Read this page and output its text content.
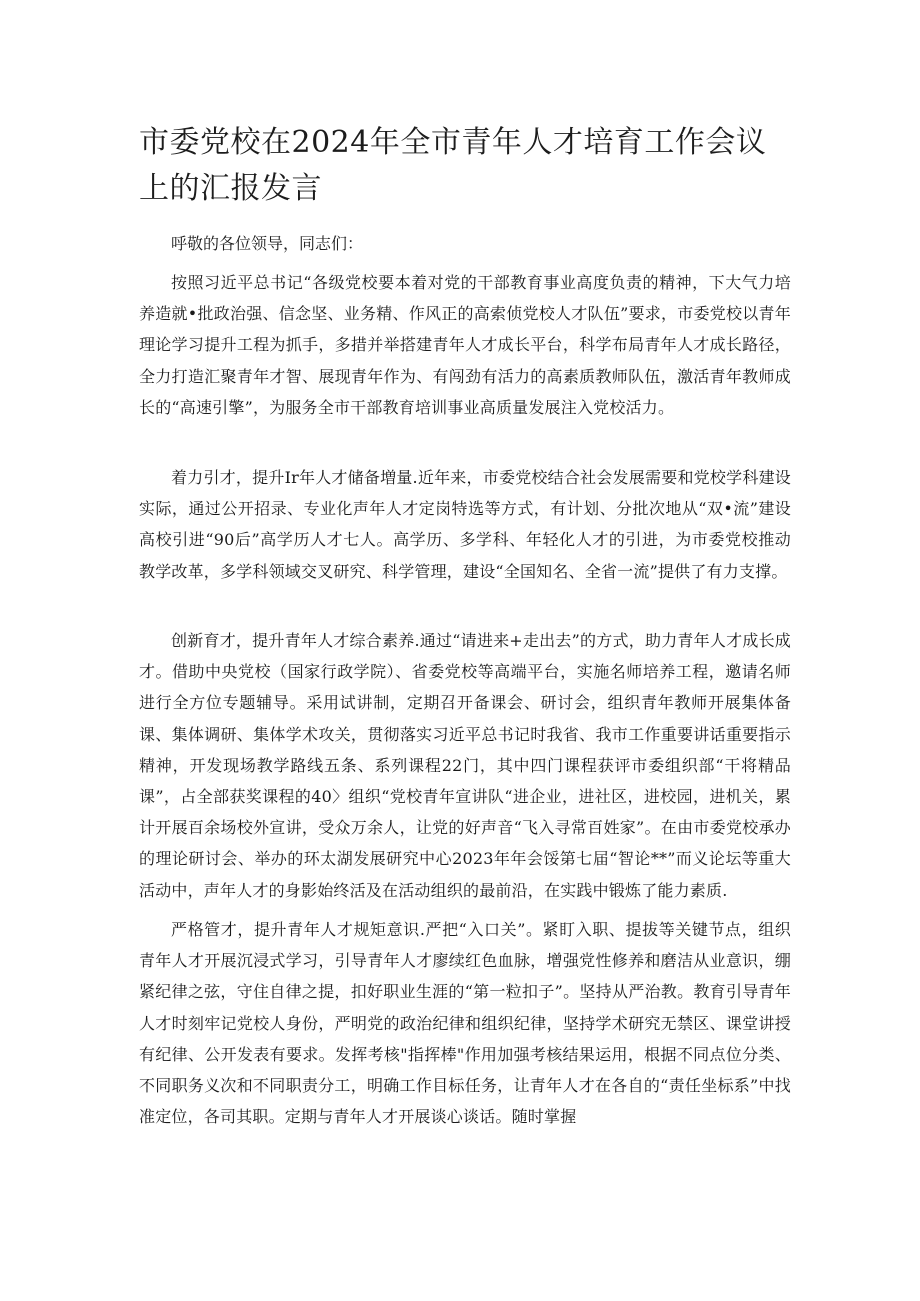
市委党校在2024年全市青年人才培育工作会议上的汇报发言

呼敬的各位领导，同志们：

按照习近平总书记“各级党校要本着对党的干部教育事业高度负责的精神，下大气力培养造就•批政治强、信念坚、业务精、作风正的高索侦党校人才队伍”要求，市委党校以青年理论学习提升工程为抓手，多措并举搭建青年人才成长平台，科学布局青年人才成长路径，全力打造汇聚青年才智、展现青年作为、有闯劲有活力的高素质教师队伍，激活青年教师成长的“高速引擎”，为服务全市干部教育培训事业高质量发展注入党校活力。

着力引才，提升Ir年人才储备増量.近年来，市委党校结合社会发展需要和党校学科建设实际，通过公开招录、专业化声年人才定岗特选等方式，有计划、分批次地从“双•流”建设高校引进“90后”高学历人才七人。高学历、多学科、年轻化人才的引进，为市委党校推动教学改革，多学科领域交叉研究、科学管理，建设“全国知名、全省一流”提供了有力支撑。

创新育才，提升青年人才综合素养.通过“请进来+走出去”的方式，助力青年人才成长成才。借助中央党校（国家行政学院）、省委党校等高端平台，实施名师培养工程，邀请名师进行全方位专题辅导。采用试讲制，定期召开备课会、研讨会，组织青年教师开展集体备课、集体调研、集体学术攻关，贯彻落实习近平总书记时我省、我市工作重要讲话重要指示精神，开发现场教学路线五条、系列课程22门，其中四门课程获评市委组织部“干将精品课”，占全部获奖课程的40〉组织“党校青年宣讲队“进企业，进社区，进校园，进机关，累计开展百余场校外宣讲，受众万余人，让党的好声音“飞入寻常百姓家”。在由市委党校承办的理论研讨会、举办的环太湖发展研究中心2023年年会馁第七届“智论**”而义论坛等重大活动中，声年人才的身影始终活及在活动组织的最前沿，在实践中锻炼了能力素质.

严格管才，提升青年人才规矩意识.严把“入口关”。紧盯入职、提拔等关键节点，组织青年人才开展沉浸式学习，引导青年人才廖续红色血脉，增强党性修养和磨洁从业意识，绷紧纪律之弦，守住自律之提，扣好职业生涯的“第一粒扣子”。坚持从严治教。教育引导青年人才时刻牢记党校人身份，严明党的政治纪律和组织纪律，坚持学术研究无禁区、课堂讲授有纪律、公开发表有要求。发挥考核"指挥棒"作用加强考核结果运用，根据不同点位分类、不同职务义次和不同职责分工，明确工作目标任务，让青年人才在各自的“责任坐标系”中找准定位，各司其职。定期与青年人才开展谈心谈话。随时掌握
